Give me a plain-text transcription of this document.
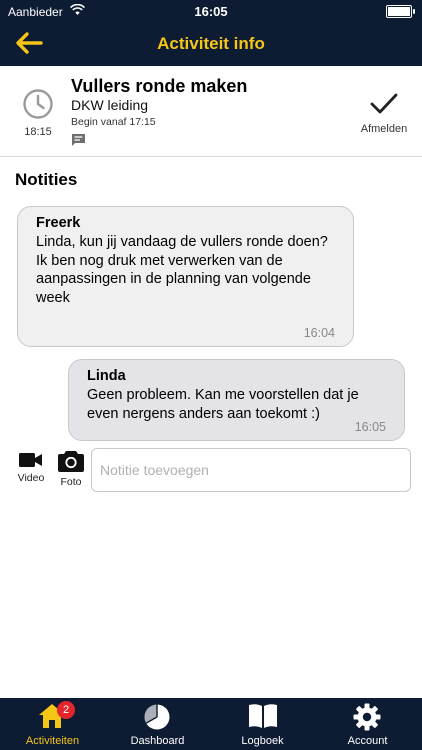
Aanbieder	16:05
Activiteit info
18:15
Vullers ronde maken
DKW leiding
Begin vanaf 17:15
Afmelden
Notities
Freerk
Linda, kun jij vandaag de vullers ronde doen?
Ik ben nog druk met verwerken van de aanpassingen in de planning van volgende week
16:04
Linda
Geen probleem. Kan me voorstellen dat je even nergens anders aan toekomt :)
16:05
Video	Foto
Notitie toevoegen
2
Activiteiten	Dashboard	Logboek	Account
